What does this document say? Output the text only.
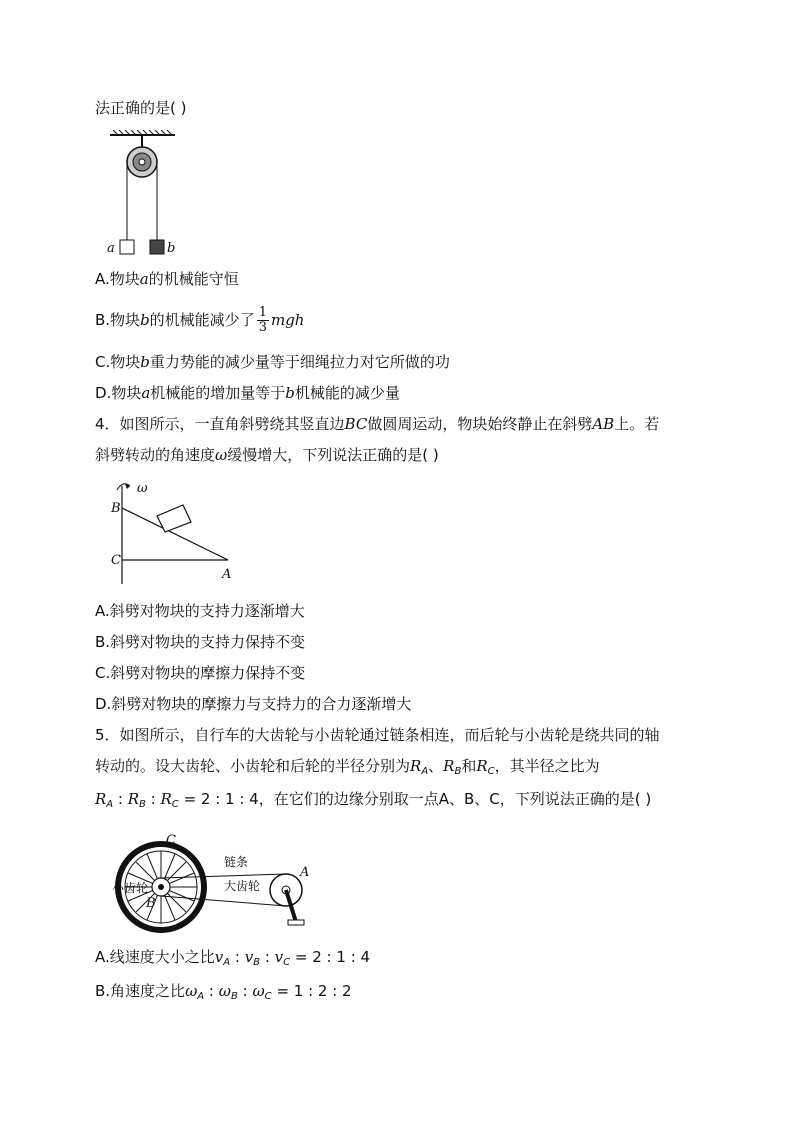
法正确的是( )
a	b
A.物块a的机械能守恒
B.物块b的机械能减少了 $\frac{1}{3}$ mgh
C.物块b重力势能的减少量等于细绳拉力对它所做的功
D.物块a机械能的增加量等于b机械能的减少量
4．如图所示，一直角斜劈绕其竖直边BC做圆周运动，物块始终静止在斜劈AB上。若
斜劈转动的角速度ω缓慢增大，下列说法正确的是( )
ω
B
C
A
A.斜劈对物块的支持力逐渐增大
B.斜劈对物块的支持力保持不变
C.斜劈对物块的摩擦力保持不变
D.斜劈对物块的摩擦力与支持力的合力逐渐增大
5．如图所示，自行车的大齿轮与小齿轮通过链条相连，而后轮与小齿轮是绕共同的轴
转动的。设大齿轮、小齿轮和后轮的半径分别为$R_A$、$R_B$和$R_C$，其半径之比为
$R_A$ : $R_B$ : $R_C = 2$ : 1 : 4，在它们的边缘分别取一点A、B、C，下列说法正确的是( )
C
B
A
链条
小齿轮	大齿轮
A.线速度大小之比$v_A$ : $v_B$ : $v_C = 2$ : 1 : 4
B.角速度之比$\omega_A$ : $\omega_B$ : $\omega_C = 1$ : 2 : 2
